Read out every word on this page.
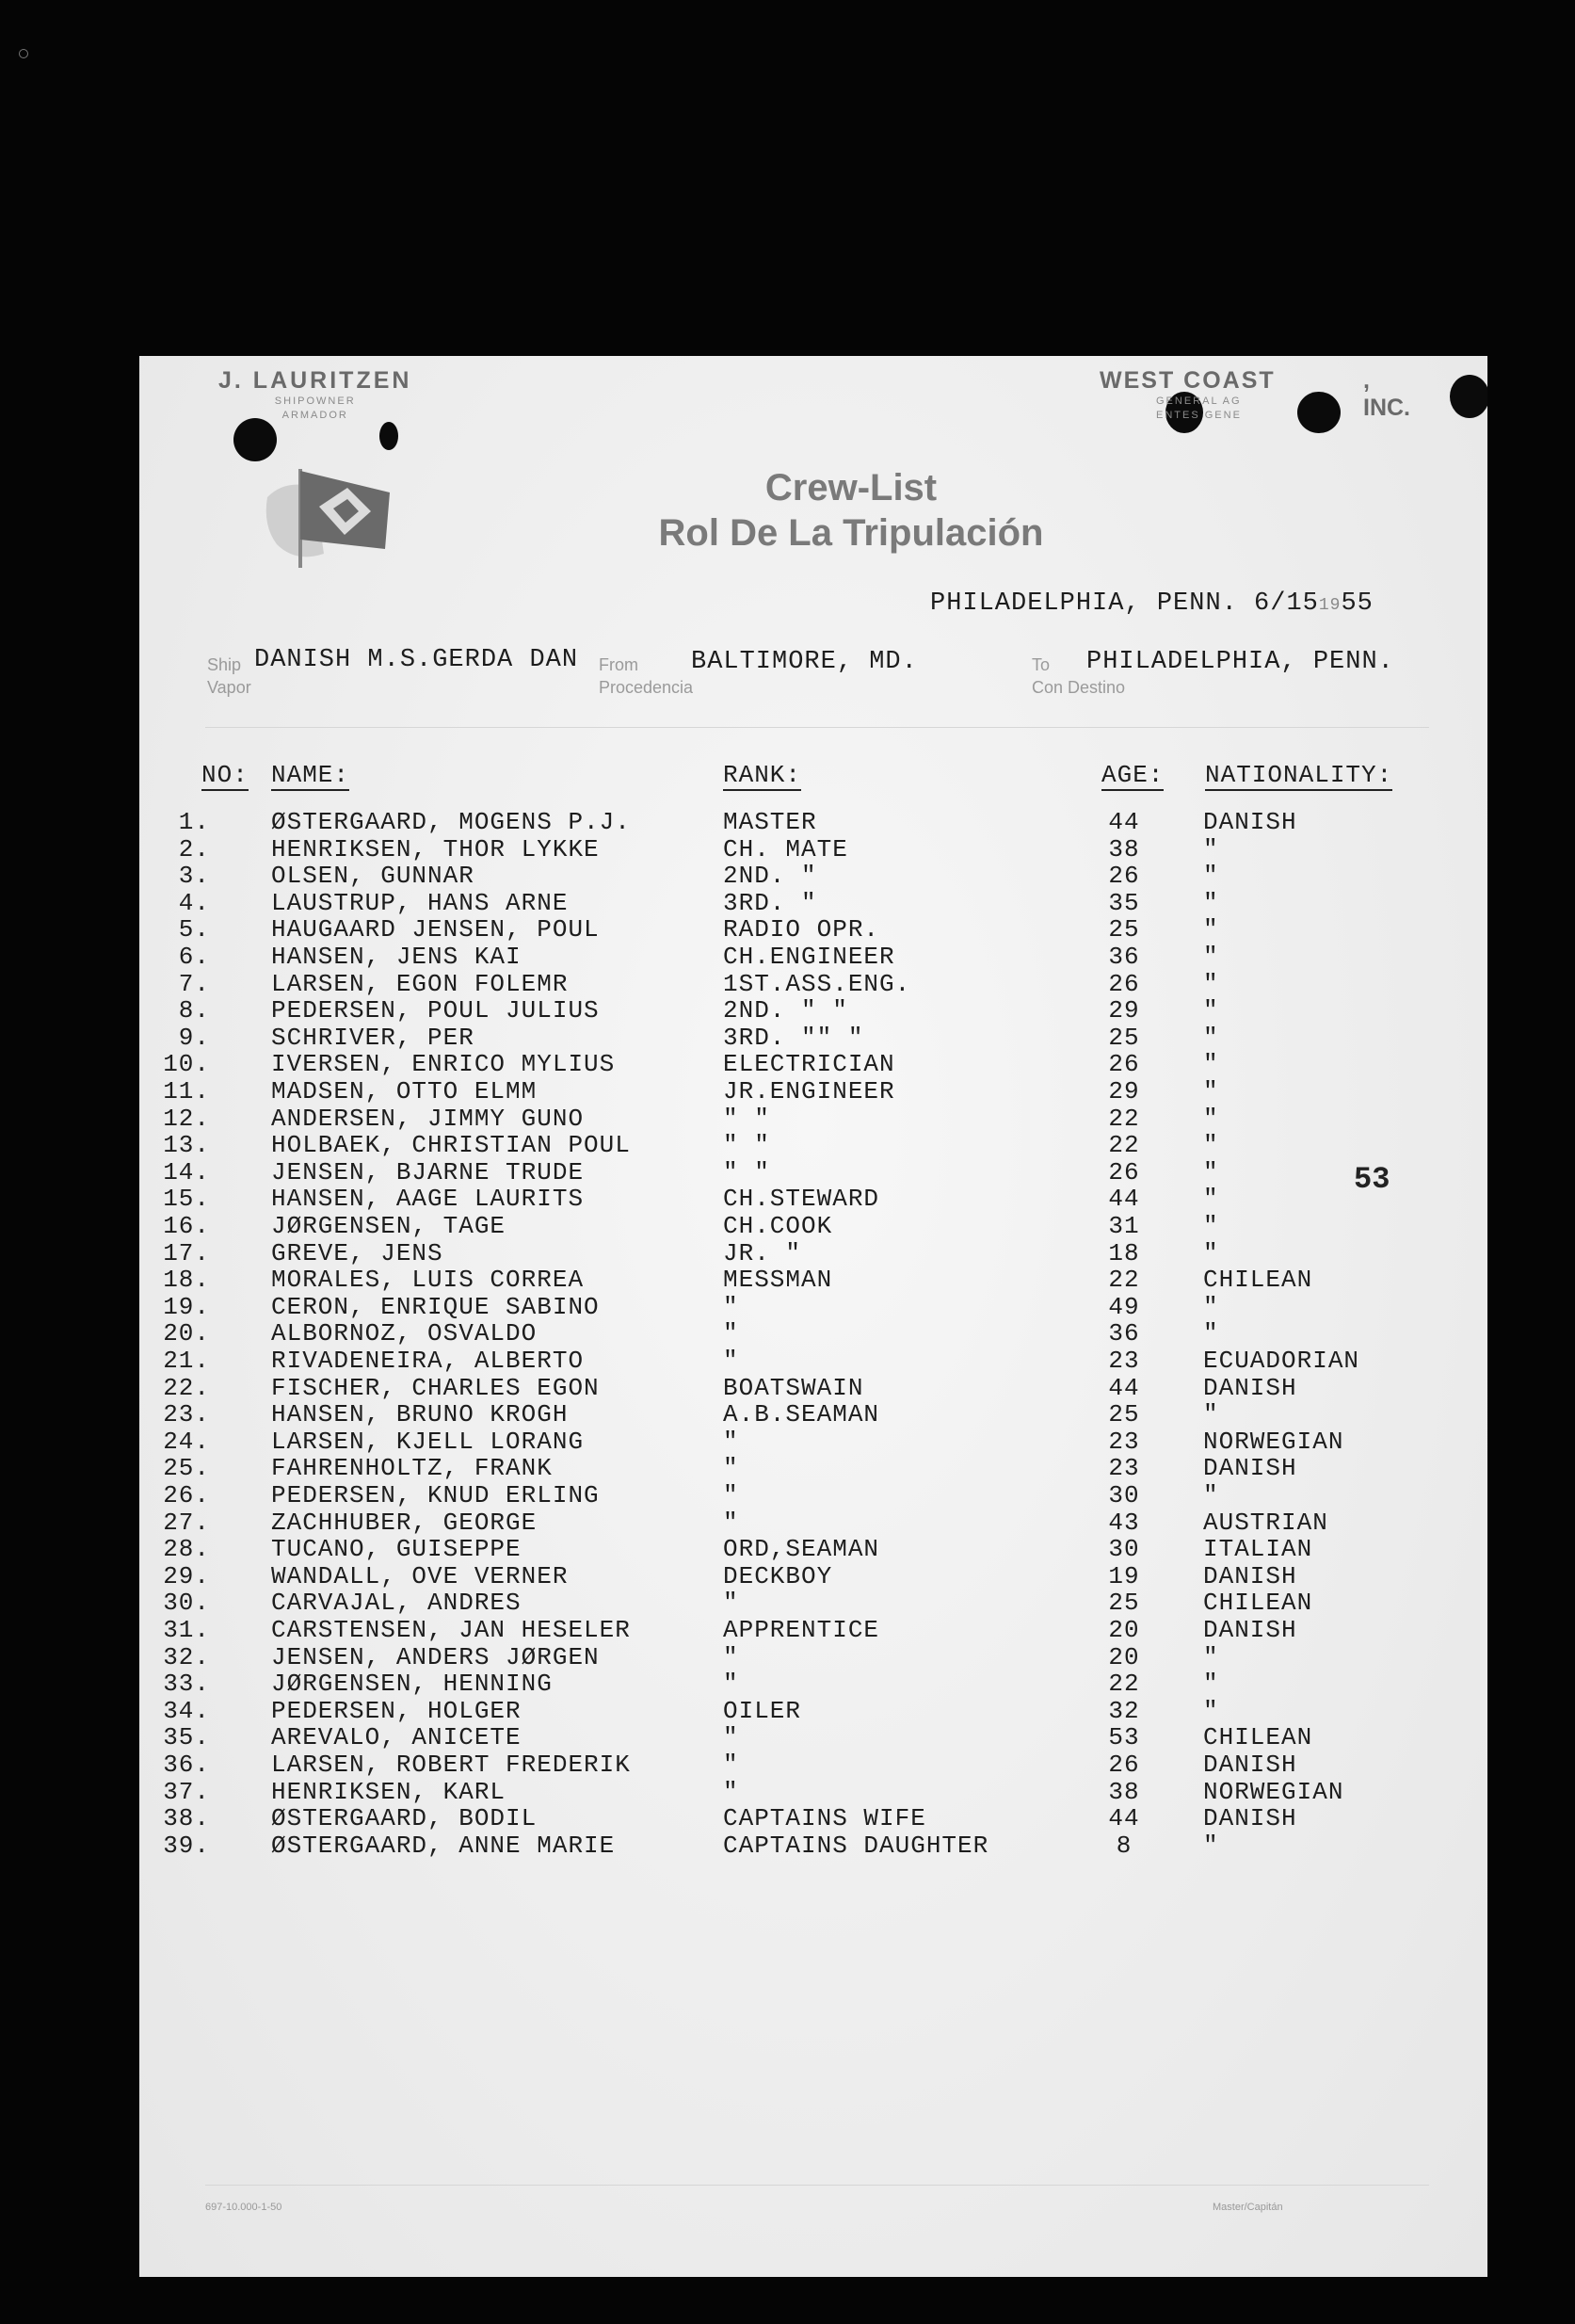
J. LAURITZEN
SHIPOWNER
ARMADOR
WEST COAST	, INC.
GENERAL AG
ENTES GENE
Crew-List
Rol De La Tripulación
PHILADELPHIA, PENN. 6/151955
Ship
Vapor
DANISH M.S.GERDA DAN From
Procedencia
BALTIMORE, MD.	To
Con Destino
PHILADELPHIA, PENN.
NO: NAME:	RANK:	AGE: NATIONALITY:
1.	ØSTERGAARD, MOGENS P.J.	MASTER	44	DANISH
2.	HENRIKSEN, THOR LYKKE	CH. MATE	38	"
3.	OLSEN, GUNNAR	2ND. "	26	"
4.	LAUSTRUP, HANS ARNE	3RD. "	35	"
5.	HAUGAARD JENSEN, POUL	RADIO OPR.	25	"
6.	HANSEN, JENS KAI	CH.ENGINEER	36	"
7.	LARSEN, EGON FOLEMR	1ST.ASS.ENG.	26	"
8.	PEDERSEN, POUL JULIUS	2ND. " "	29	"
9.	SCHRIVER, PER	3RD. "" "	25	"
10.	IVERSEN, ENRICO MYLIUS	ELECTRICIAN	26	"
11.	MADSEN, OTTO ELMM	JR.ENGINEER	29	"
12.	ANDERSEN, JIMMY GUNO	" "	22	"
13.	HOLBAEK, CHRISTIAN POUL	" "	22	"
14.	JENSEN, BJARNE TRUDE	" "	26	"
15.	HANSEN, AAGE LAURITS	CH.STEWARD	44	"
16.	JØRGENSEN, TAGE	CH.COOK	31	"
17.	GREVE, JENS	JR. "	18	"
18.	MORALES, LUIS CORREA	MESSMAN	22	CHILEAN
19.	CERON, ENRIQUE SABINO	"	49	"
20.	ALBORNOZ, OSVALDO	"	36	"
21.	RIVADENEIRA, ALBERTO	"	23	ECUADORIAN
22.	FISCHER, CHARLES EGON	BOATSWAIN	44	DANISH
23.	HANSEN, BRUNO KROGH	A.B.SEAMAN	25	"
24.	LARSEN, KJELL LORANG	"	23	NORWEGIAN
25.	FAHRENHOLTZ, FRANK	"	23	DANISH
26.	PEDERSEN, KNUD ERLING	"	30	"
27.	ZACHHUBER, GEORGE	"	43	AUSTRIAN
28.	TUCANO, GUISEPPE	ORD,SEAMAN	30	ITALIAN
29.	WANDALL, OVE VERNER	DECKBOY	19	DANISH
30.	CARVAJAL, ANDRES	"	25	CHILEAN
31.	CARSTENSEN, JAN HESELER	APPRENTICE	20	DANISH
32.	JENSEN, ANDERS JØRGEN	"	20	"
33.	JØRGENSEN, HENNING	"	22	"
34.	PEDERSEN, HOLGER	OILER	32	"
35.	AREVALO, ANICETE	"	53	CHILEAN
36.	LARSEN, ROBERT FREDERIK	"	26	DANISH
37.	HENRIKSEN, KARL	"	38	NORWEGIAN
38.	ØSTERGAARD, BODIL	CAPTAINS WIFE	44	DANISH
39.	ØSTERGAARD, ANNE MARIE	CAPTAINS DAUGHTER	8	"
53
697-10.000-1-50	Master/Capitán
